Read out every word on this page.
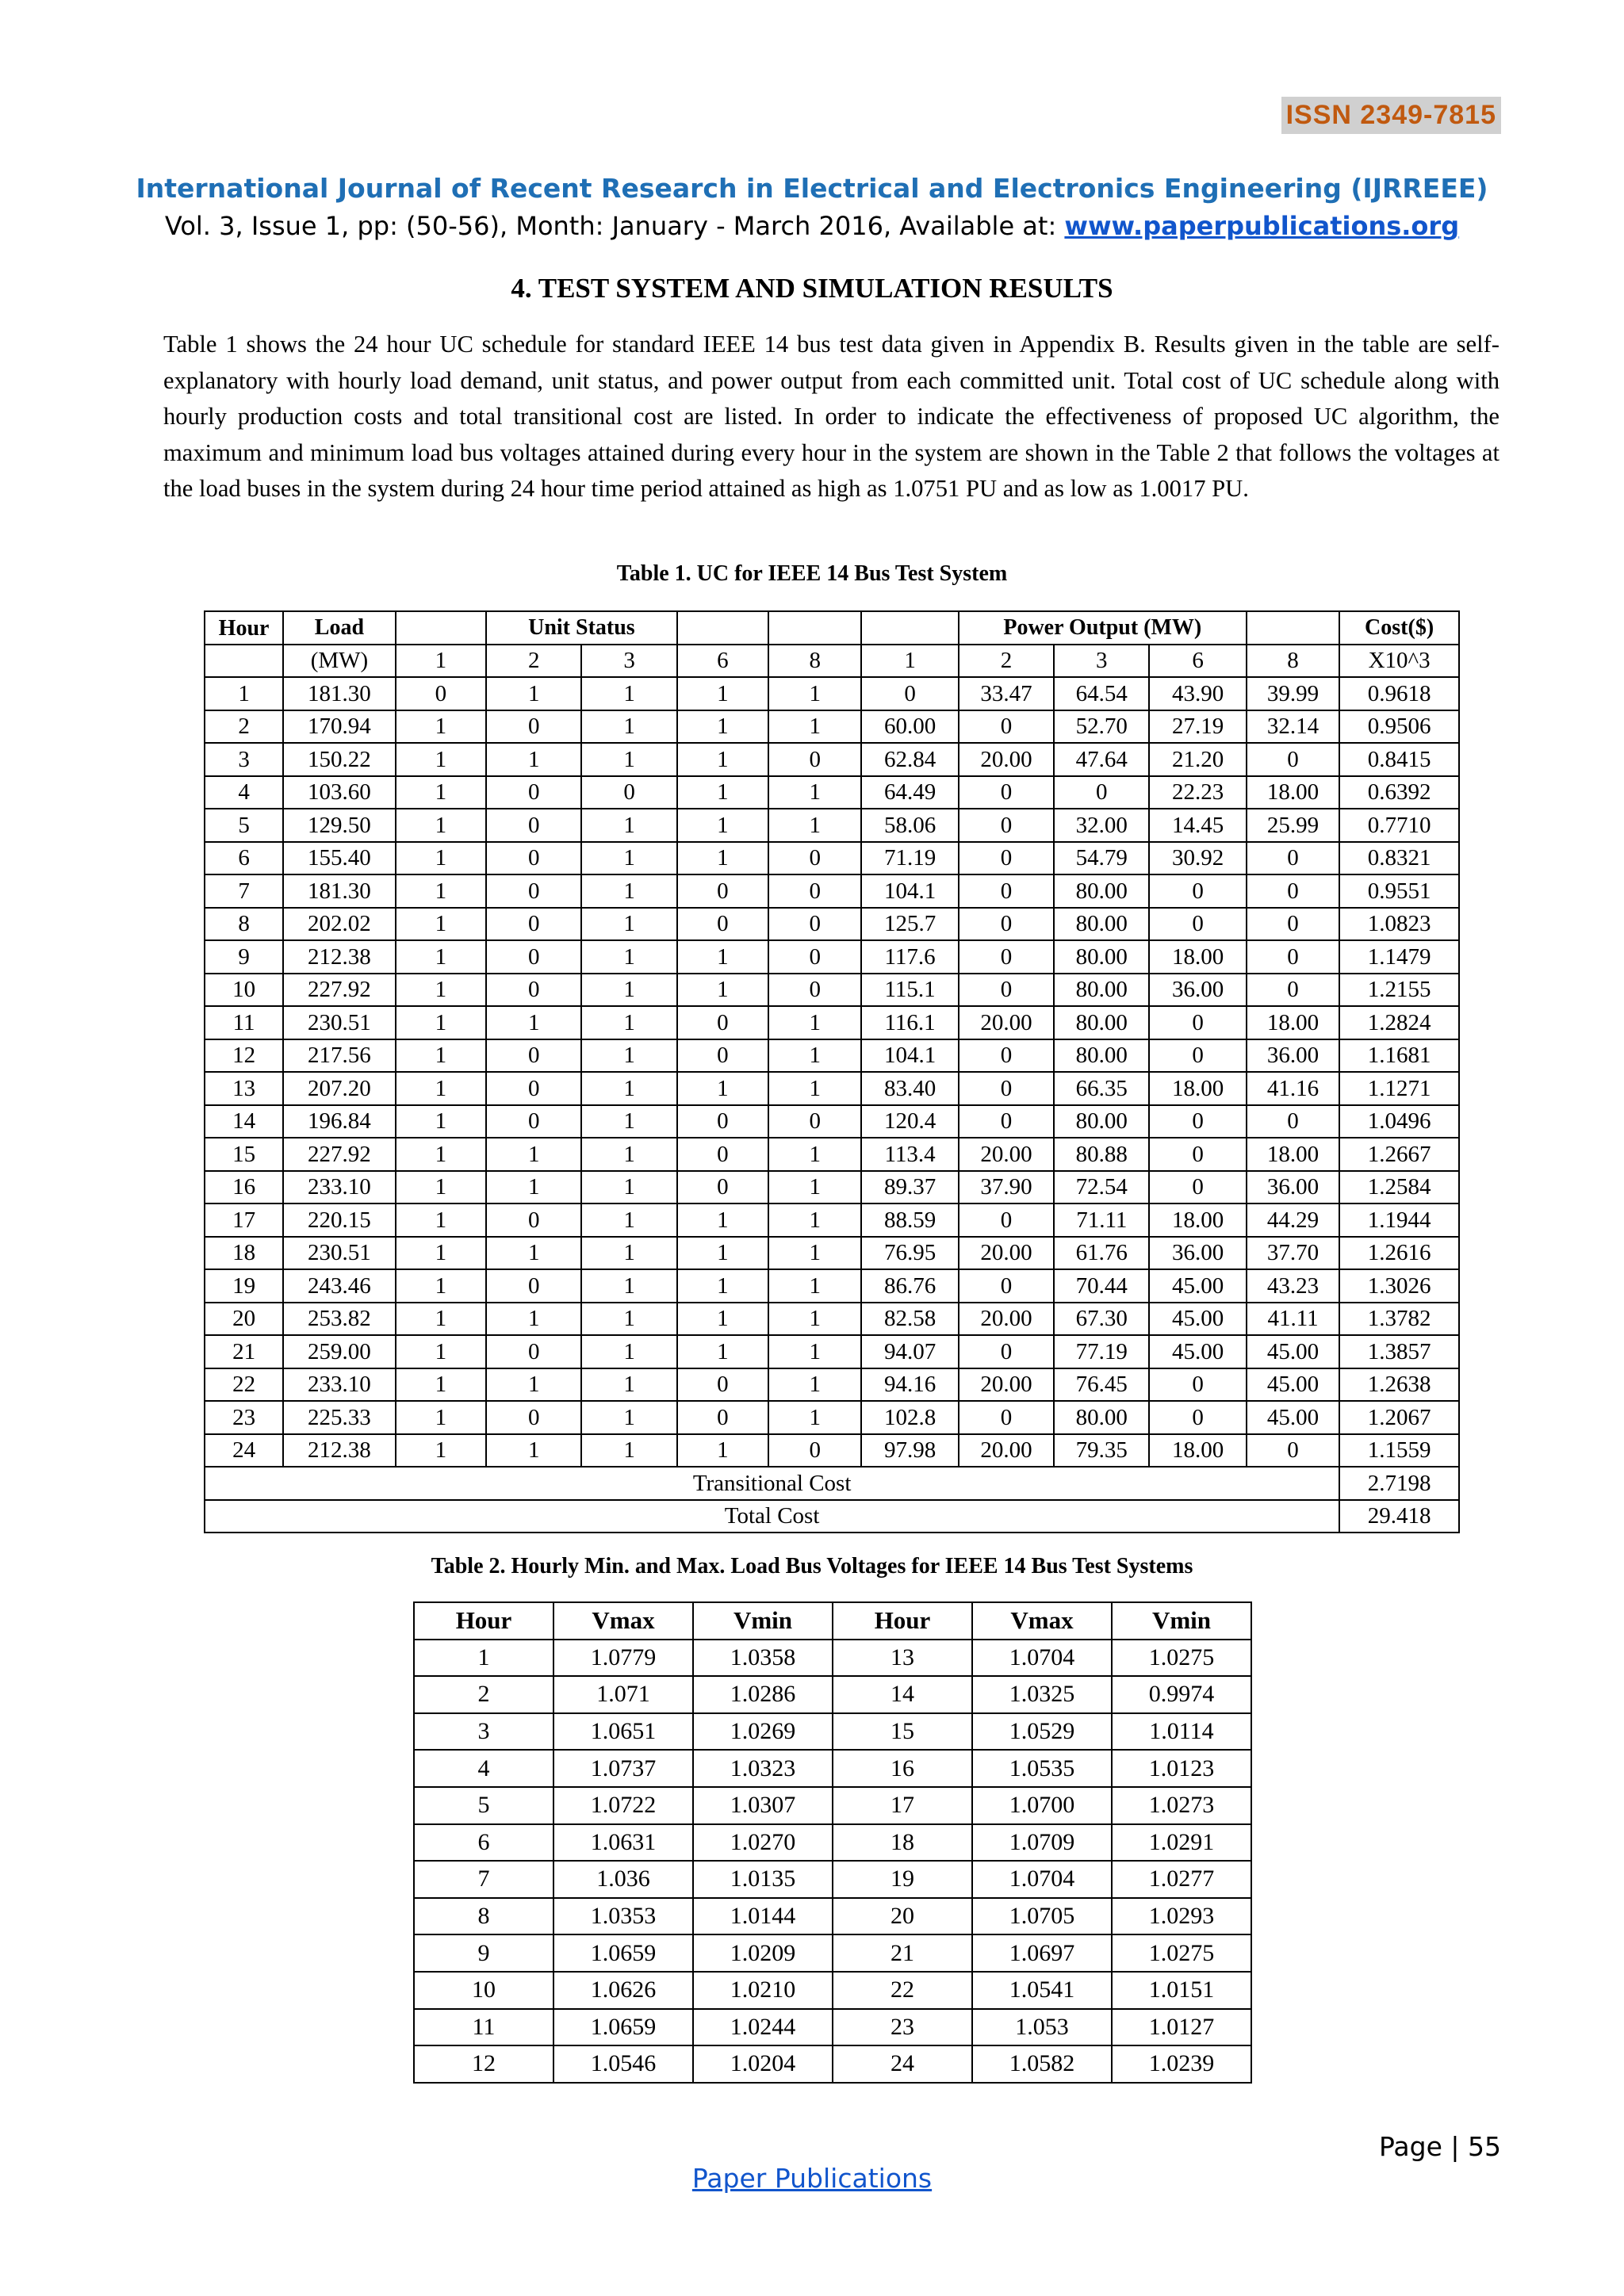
ISSN 2349-7815
International Journal of Recent Research in Electrical and Electronics Engineering (IJRREEE)
Vol. 3, Issue 1, pp: (50-56), Month: January - March 2016, Available at: www.paperpublications.org
4. TEST SYSTEM AND SIMULATION RESULTS
Table 1 shows the 24 hour UC schedule for standard IEEE 14 bus test data given in Appendix B. Results given in the table are self-explanatory with hourly load demand, unit status, and power output from each committed unit. Total cost of UC schedule along with hourly production costs and total transitional cost are listed. In order to indicate the effectiveness of proposed UC algorithm, the maximum and minimum load bus voltages attained during every hour in the system are shown in the Table 2 that follows the voltages at the load buses in the system during 24 hour time period attained as high as 1.0751 PU and as low as 1.0017 PU.
Table 1. UC for IEEE 14 Bus Test System
Hour	Load		Unit Status					Power Output (MW)				Cost($)
	(MW)	1	2	3	6	8	1	2	3	6	8	X10^3
1	181.30	0	1	1	1	1	0	33.47	64.54	43.90	39.99	0.9618
2	170.94	1	0	1	1	1	60.00	0	52.70	27.19	32.14	0.9506
3	150.22	1	1	1	1	0	62.84	20.00	47.64	21.20	0	0.8415
4	103.60	1	0	0	1	1	64.49	0	0	22.23	18.00	0.6392
5	129.50	1	0	1	1	1	58.06	0	32.00	14.45	25.99	0.7710
6	155.40	1	0	1	1	0	71.19	0	54.79	30.92	0	0.8321
7	181.30	1	0	1	0	0	104.1	0	80.00	0	0	0.9551
8	202.02	1	0	1	0	0	125.7	0	80.00	0	0	1.0823
9	212.38	1	0	1	1	0	117.6	0	80.00	18.00	0	1.1479
10	227.92	1	0	1	1	0	115.1	0	80.00	36.00	0	1.2155
11	230.51	1	1	1	0	1	116.1	20.00	80.00	0	18.00	1.2824
12	217.56	1	0	1	0	1	104.1	0	80.00	0	36.00	1.1681
13	207.20	1	0	1	1	1	83.40	0	66.35	18.00	41.16	1.1271
14	196.84	1	0	1	0	0	120.4	0	80.00	0	0	1.0496
15	227.92	1	1	1	0	1	113.4	20.00	80.88	0	18.00	1.2667
16	233.10	1	1	1	0	1	89.37	37.90	72.54	0	36.00	1.2584
17	220.15	1	0	1	1	1	88.59	0	71.11	18.00	44.29	1.1944
18	230.51	1	1	1	1	1	76.95	20.00	61.76	36.00	37.70	1.2616
19	243.46	1	0	1	1	1	86.76	0	70.44	45.00	43.23	1.3026
20	253.82	1	1	1	1	1	82.58	20.00	67.30	45.00	41.11	1.3782
21	259.00	1	0	1	1	1	94.07	0	77.19	45.00	45.00	1.3857
22	233.10	1	1	1	0	1	94.16	20.00	76.45	0	45.00	1.2638
23	225.33	1	0	1	0	1	102.8	0	80.00	0	45.00	1.2067
24	212.38	1	1	1	1	0	97.98	20.00	79.35	18.00	0	1.1559
Transitional Cost												2.7198
Total Cost												29.418
Table 2. Hourly Min. and Max. Load Bus Voltages for IEEE 14 Bus Test Systems
Hour	Vmax	Vmin	Hour	Vmax	Vmin
1	1.0779	1.0358	13	1.0704	1.0275
2	1.071	1.0286	14	1.0325	0.9974
3	1.0651	1.0269	15	1.0529	1.0114
4	1.0737	1.0323	16	1.0535	1.0123
5	1.0722	1.0307	17	1.0700	1.0273
6	1.0631	1.0270	18	1.0709	1.0291
7	1.036	1.0135	19	1.0704	1.0277
8	1.0353	1.0144	20	1.0705	1.0293
9	1.0659	1.0209	21	1.0697	1.0275
10	1.0626	1.0210	22	1.0541	1.0151
11	1.0659	1.0244	23	1.053	1.0127
12	1.0546	1.0204	24	1.0582	1.0239
Page | 55
Paper Publications
